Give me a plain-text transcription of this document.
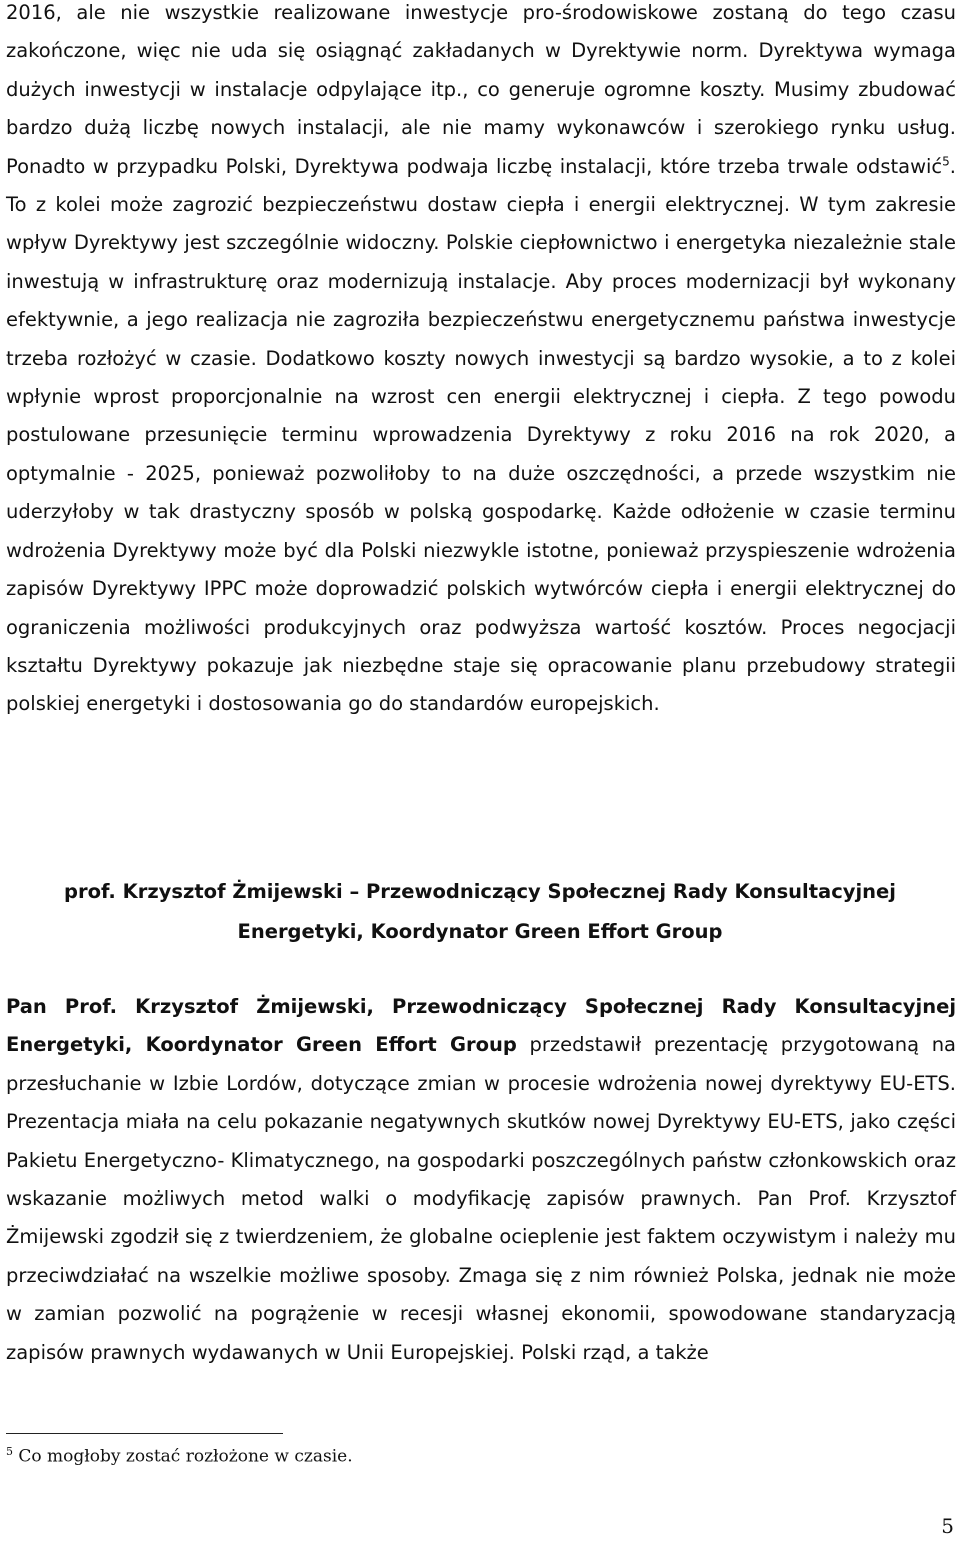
2016, ale nie wszystkie realizowane inwestycje pro-środowiskowe zostaną do tego czasu zakończone, więc nie uda się osiągnąć zakładanych w Dyrektywie norm. Dyrektywa wymaga dużych inwestycji w instalacje odpylające itp., co generuje ogromne koszty. Musimy zbudować bardzo dużą liczbę nowych instalacji, ale nie mamy wykonawców i szerokiego rynku usług. Ponadto w przypadku Polski, Dyrektywa podwaja liczbę instalacji, które trzeba trwale odstawić$^5$. To z kolei może zagrozić bezpieczeństwu dostaw ciepła i energii elektrycznej. W tym zakresie wpływ Dyrektywy jest szczególnie widoczny. Polskie ciepłownictwo i energetyka niezależnie stale inwestują w infrastrukturę oraz modernizują instalacje. Aby proces modernizacji był wykonany efektywnie, a jego realizacja nie zagroziła bezpieczeństwu energetycznemu państwa inwestycje trzeba rozłożyć w czasie. Dodatkowo koszty nowych inwestycji są bardzo wysokie, a to z kolei wpłynie wprost proporcjonalnie na wzrost cen energii elektrycznej i ciepła. Z tego powodu postulowane przesunięcie terminu wprowadzenia Dyrektywy z roku 2016 na rok 2020, a optymalnie - 2025, ponieważ pozwoliłoby to na duże oszczędności, a przede wszystkim nie uderzyłoby w tak drastyczny sposób w polską gospodarkę. Każde odłożenie w czasie terminu wdrożenia Dyrektywy może być dla Polski niezwykle istotne, ponieważ przyspieszenie wdrożenia zapisów Dyrektywy IPPC może doprowadzić polskich wytwórców ciepła i energii elektrycznej do ograniczenia możliwości produkcyjnych oraz podwyższa wartość kosztów. Proces negocjacji kształtu Dyrektywy pokazuje jak niezbędne staje się opracowanie planu przebudowy strategii polskiej energetyki i dostosowania go do standardów europejskich.

prof. Krzysztof Żmijewski – Przewodniczący Społecznej Rady Konsultacyjnej
Energetyki, Koordynator Green Effort Group

Pan Prof. Krzysztof Żmijewski, Przewodniczący Społecznej Rady Konsultacyjnej Energetyki, Koordynator Green Effort Group przedstawił prezentację przygotowaną na przesłuchanie w Izbie Lordów, dotyczące zmian w procesie wdrożenia nowej dyrektywy EU-ETS. Prezentacja miała na celu pokazanie negatywnych skutków nowej Dyrektywy EU-ETS, jako części Pakietu Energetyczno- Klimatycznego, na gospodarki poszczególnych państw członkowskich oraz wskazanie możliwych metod walki o modyfikację zapisów prawnych. Pan Prof. Krzysztof Żmijewski zgodził się z twierdzeniem, że globalne ocieplenie jest faktem oczywistym i należy mu przeciwdziałać na wszelkie możliwe sposoby. Zmaga się z nim również Polska, jednak nie może w zamian pozwolić na pogrążenie w recesji własnej ekonomii, spowodowane standaryzacją zapisów prawnych wydawanych w Unii Europejskiej. Polski rząd, a także

$^5$ Co mogłoby zostać rozłożone w czasie.

5
